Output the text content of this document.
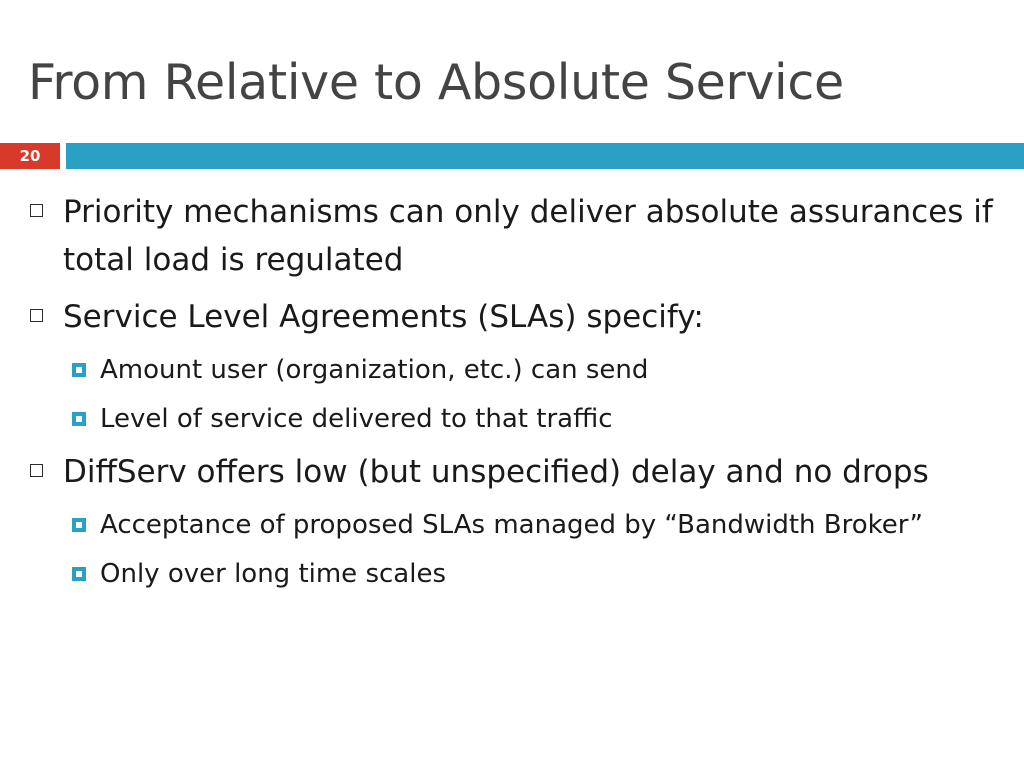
From Relative to Absolute Service
20
Priority mechanisms can only deliver absolute assurances if total load is regulated
Service Level Agreements (SLAs) specify:
Amount user (organization, etc.) can send
Level of service delivered to that traffic
DiffServ offers low (but unspecified) delay and no drops
Acceptance of proposed SLAs managed by “Bandwidth Broker”
Only over long time scales
